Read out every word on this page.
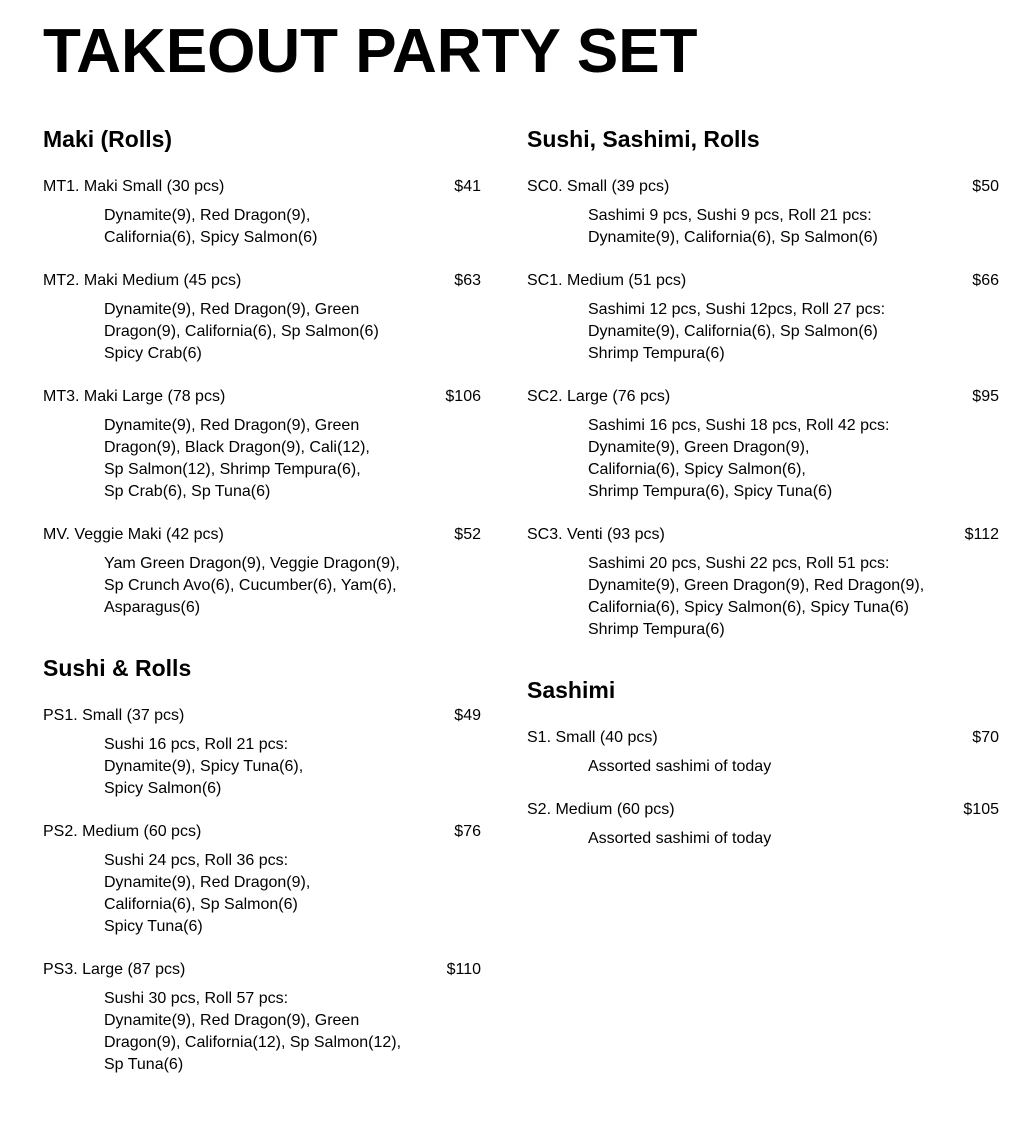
TAKEOUT PARTY SET
Maki (Rolls)
MT1. Maki Small (30 pcs)	$41
Dynamite(9), Red Dragon(9),
California(6), Spicy Salmon(6)
MT2. Maki Medium (45 pcs)	$63
Dynamite(9), Red Dragon(9), Green
Dragon(9), California(6), Sp Salmon(6)
Spicy Crab(6)
MT3. Maki Large (78 pcs)	$106
Dynamite(9), Red Dragon(9), Green
Dragon(9), Black Dragon(9), Cali(12),
Sp Salmon(12), Shrimp Tempura(6),
Sp Crab(6), Sp Tuna(6)
MV. Veggie Maki (42 pcs)	$52
Yam Green Dragon(9), Veggie Dragon(9),
Sp Crunch Avo(6), Cucumber(6), Yam(6),
Asparagus(6)
Sushi & Rolls
PS1. Small (37 pcs)	$49
Sushi 16 pcs, Roll 21 pcs:
Dynamite(9), Spicy Tuna(6),
Spicy Salmon(6)
PS2. Medium (60 pcs)	$76
Sushi 24 pcs, Roll 36 pcs:
Dynamite(9), Red Dragon(9),
California(6), Sp Salmon(6)
Spicy Tuna(6)
PS3. Large (87 pcs)	$110
Sushi 30 pcs, Roll 57 pcs:
Dynamite(9), Red Dragon(9), Green
Dragon(9), California(12), Sp Salmon(12),
Sp Tuna(6)
Sushi, Sashimi, Rolls
SC0. Small (39 pcs)	$50
Sashimi 9 pcs, Sushi 9 pcs, Roll 21 pcs:
Dynamite(9), California(6), Sp Salmon(6)
SC1. Medium (51 pcs)	$66
Sashimi 12 pcs, Sushi 12pcs, Roll 27 pcs:
Dynamite(9), California(6), Sp Salmon(6)
Shrimp Tempura(6)
SC2. Large (76 pcs)	$95
Sashimi 16 pcs, Sushi 18 pcs, Roll 42 pcs:
Dynamite(9), Green Dragon(9),
California(6), Spicy Salmon(6),
Shrimp Tempura(6), Spicy Tuna(6)
SC3. Venti (93 pcs)	$112
Sashimi 20 pcs, Sushi 22 pcs, Roll 51 pcs:
Dynamite(9), Green Dragon(9), Red Dragon(9),
California(6), Spicy Salmon(6), Spicy Tuna(6)
Shrimp Tempura(6)
Sashimi
S1. Small (40 pcs)	$70
Assorted sashimi of today
S2. Medium (60 pcs)	$105
Assorted sashimi of today
